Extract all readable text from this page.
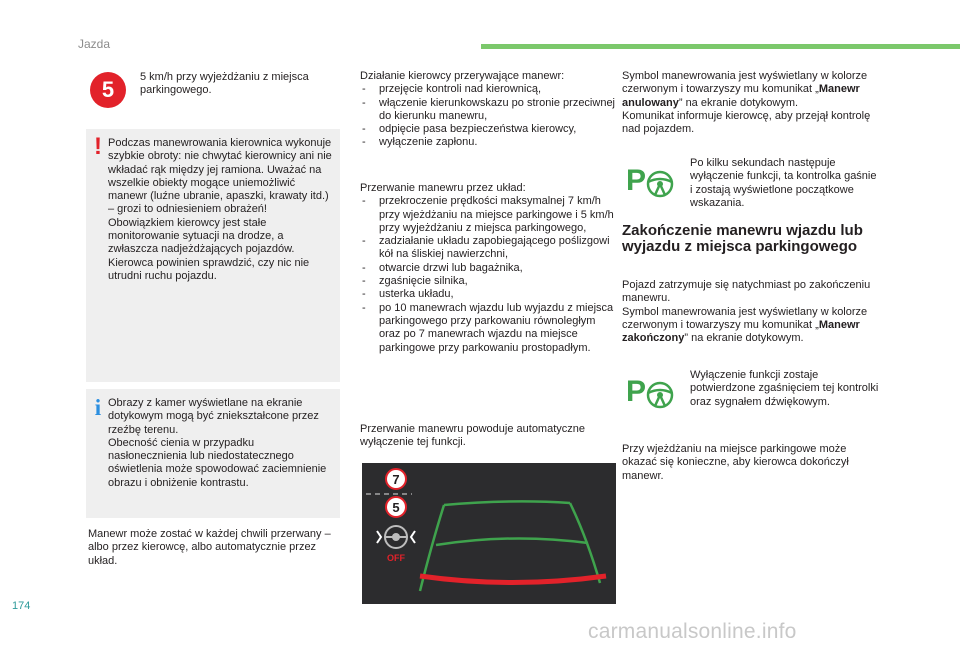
Jazda
5	5 km/h przy wyjeżdżaniu z miejsca parkingowego.
! Podczas manewrowania kierownica wykonuje szybkie obroty: nie chwytać kierownicy ani nie wkładać rąk między jej ramiona. Uważać na wszelkie obiekty mogące uniemożliwić manewr (luźne ubranie, apaszki, krawaty itd.) – grozi to odniesieniem obrażeń!
Obowiązkiem kierowcy jest stałe monitorowanie sytuacji na drodze, a zwłaszcza nadjeżdżających pojazdów. Kierowca powinien sprawdzić, czy nic nie utrudni ruchu pojazdu.
i Obrazy z kamer wyświetlane na ekranie dotykowym mogą być zniekształcone przez rzeźbę terenu.
Obecność cienia w przypadku nasłonecznienia lub niedostatecznego oświetlenia może spowodować zaciemnienie obrazu i obniżenie kontrastu.
Manewr może zostać w każdej chwili przerwany – albo przez kierowcę, albo automatycznie przez układ.
Działanie kierowcy przerywające manewr:
- przejęcie kontroli nad kierownicą,
- włączenie kierunkowskazu po stronie przeciwnej do kierunku manewru,
- odpięcie pasa bezpieczeństwa kierowcy,
- wyłączenie zapłonu.
Przerwanie manewru przez układ:
- przekroczenie prędkości maksymalnej 7 km/h przy wjeżdżaniu na miejsce parkingowe i 5 km/h przy wyjeżdżaniu z miejsca parkingowego,
- zadziałanie układu zapobiegającego poślizgowi kół na śliskiej nawierzchni,
- otwarcie drzwi lub bagażnika,
- zgaśnięcie silnika,
- usterka układu,
- po 10 manewrach wjazdu lub wyjazdu z miejsca parkingowego przy parkowaniu równoległym oraz po 7 manewrach wjazdu na miejsce parkingowe przy parkowaniu prostopadłym.
Przerwanie manewru powoduje automatyczne wyłączenie tej funkcji.
7
5
OFF
Symbol manewrowania jest wyświetlany w kolorze czerwonym i towarzyszy mu komunikat „Manewr anulowany” na ekranie dotykowym.
Komunikat informuje kierowcę, aby przejął kontrolę nad pojazdem.
P
Po kilku sekundach następuje wyłączenie funkcji, ta kontrolka gaśnie i zostają wyświetlone początkowe wskazania.
Zakończenie manewru wjazdu lub wyjazdu z miejsca parkingowego
Pojazd zatrzymuje się natychmiast po zakończeniu manewru.
Symbol manewrowania jest wyświetlany w kolorze czerwonym i towarzyszy mu komunikat „Manewr zakończony” na ekranie dotykowym.
P	Wyłączenie funkcji zostaje potwierdzone zgaśnięciem tej kontrolki oraz sygnałem dźwiękowym.
Przy wjeżdżaniu na miejsce parkingowe może okazać się konieczne, aby kierowca dokończył manewr.
174
carmanualsonline.info
